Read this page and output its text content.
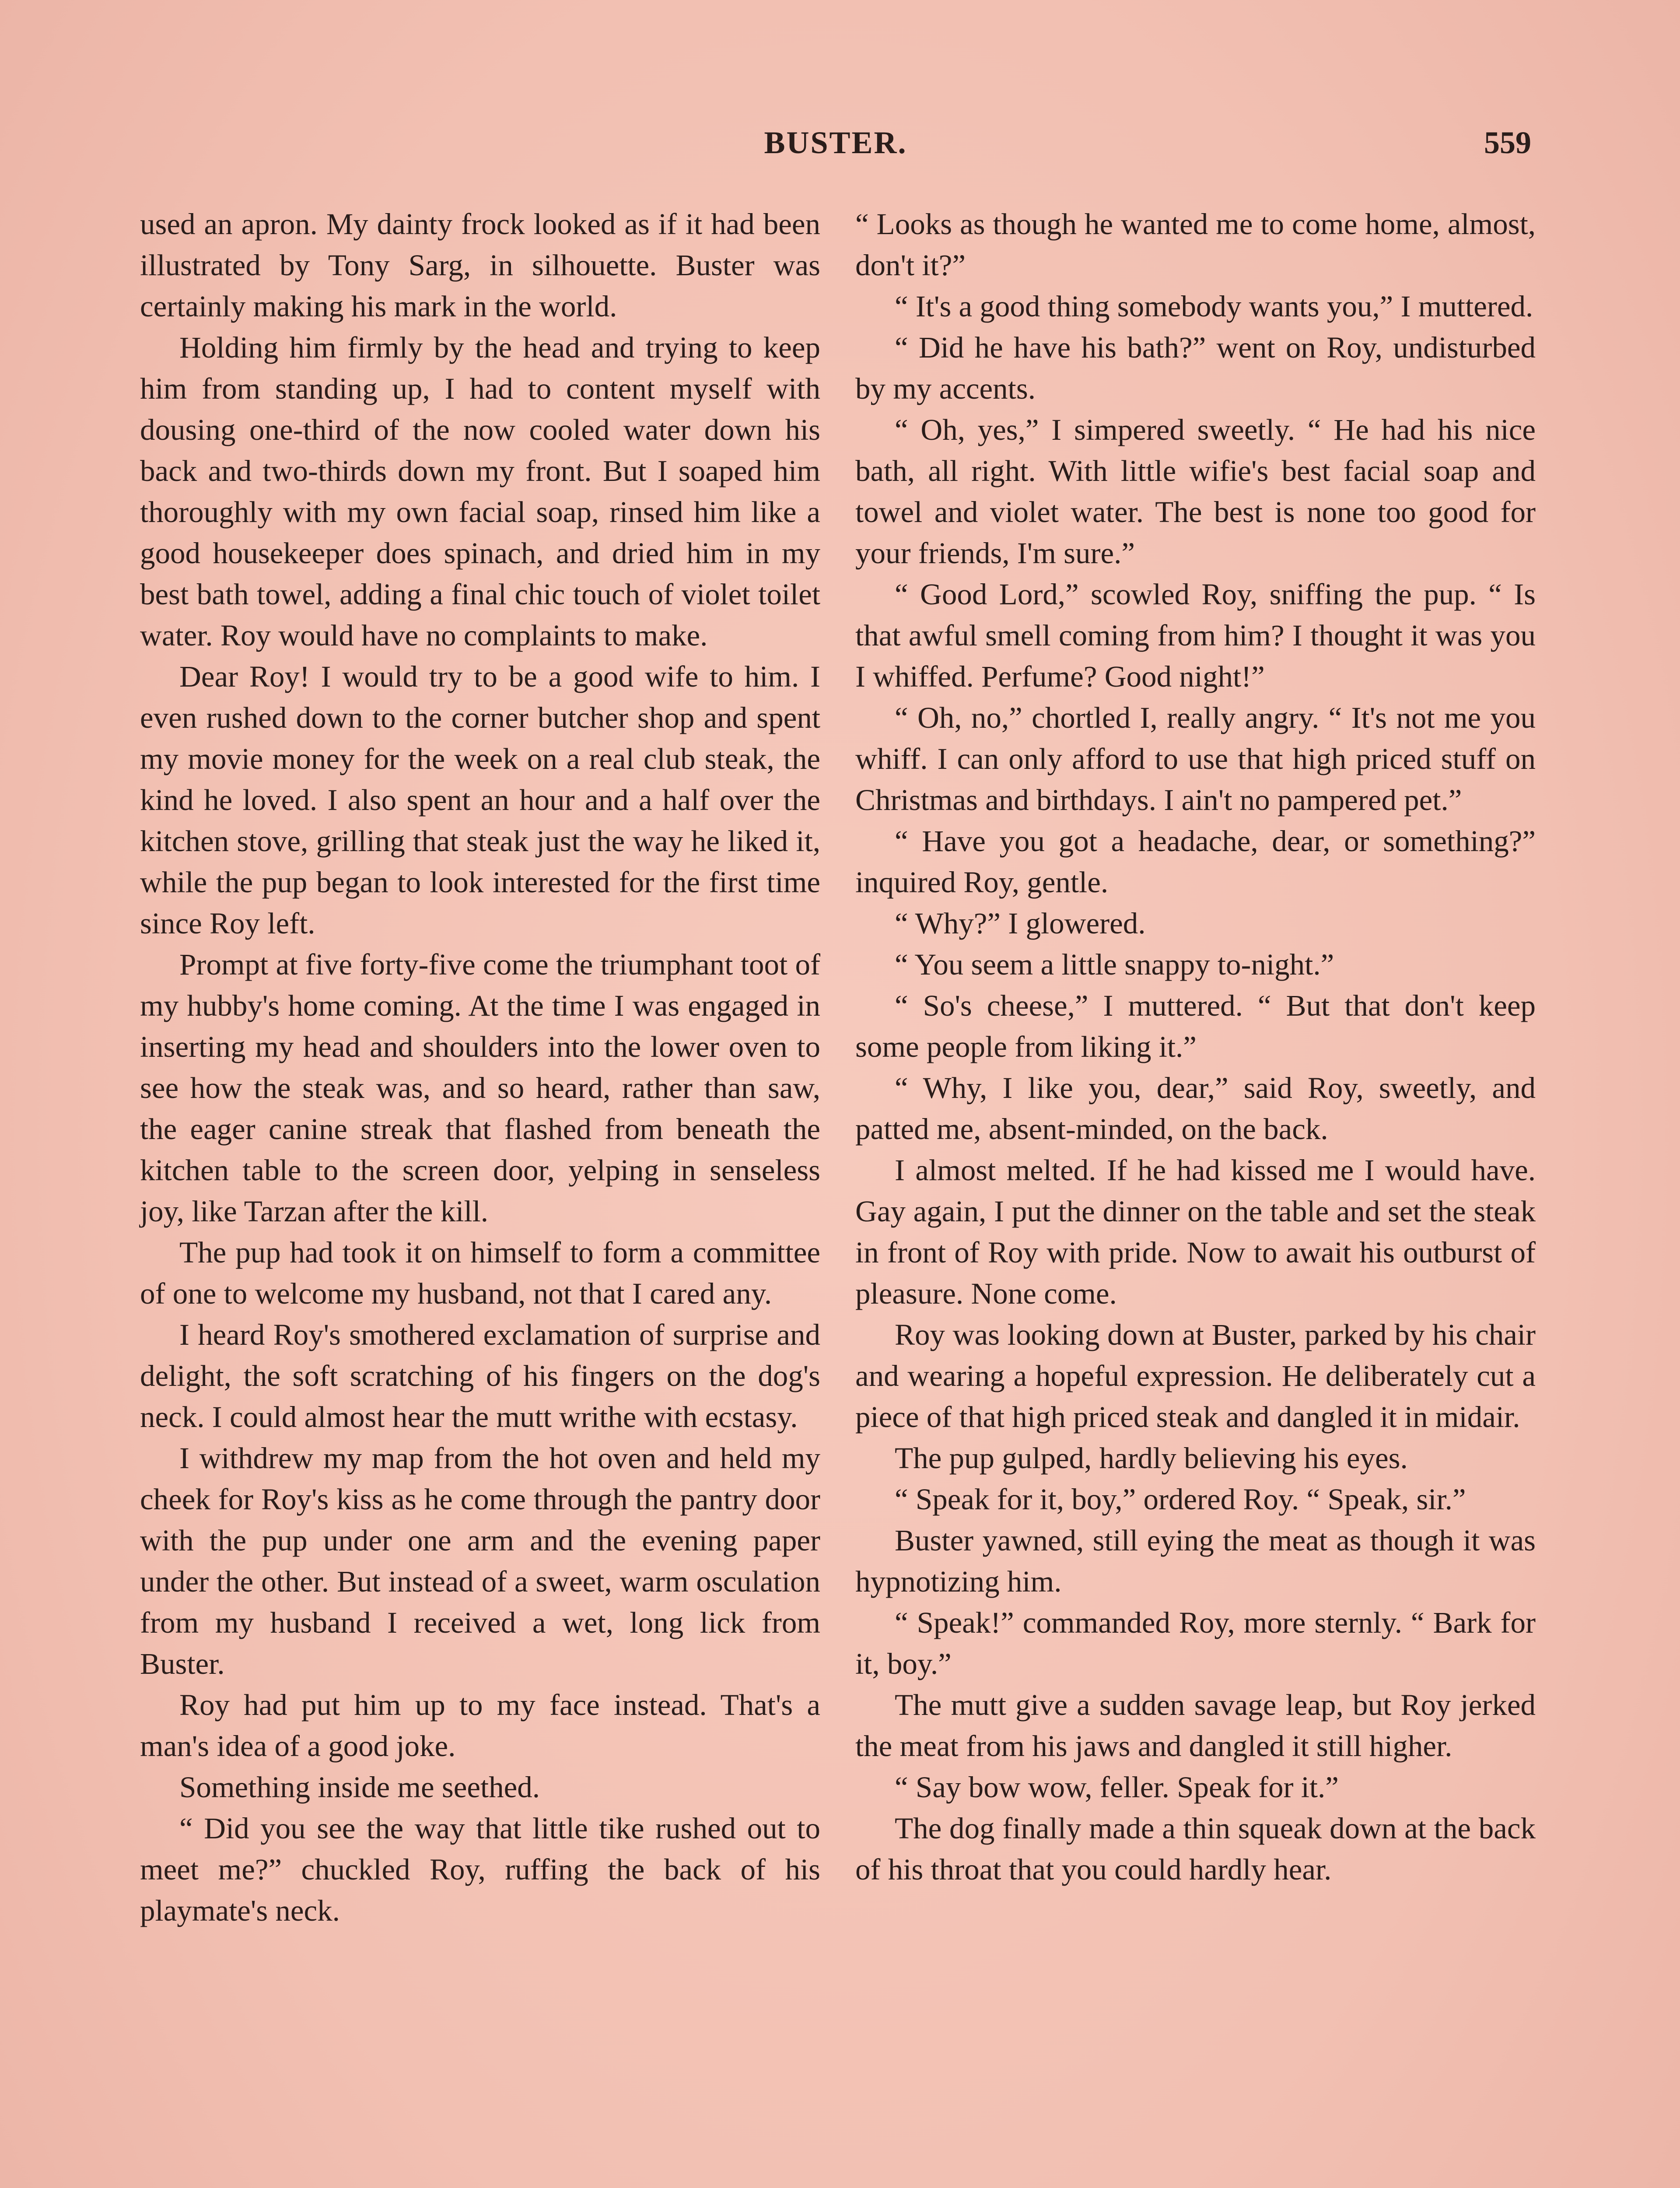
BUSTER.	559

used an apron. My dainty frock looked as if it had been illustrated by Tony Sarg, in silhouette. Buster was certainly making his mark in the world.

Holding him firmly by the head and trying to keep him from standing up, I had to content myself with dousing one-third of the now cooled water down his back and two-thirds down my front. But I soaped him thoroughly with my own facial soap, rinsed him like a good housekeeper does spinach, and dried him in my best bath towel, adding a final chic touch of violet toilet water. Roy would have no complaints to make.

Dear Roy! I would try to be a good wife to him. I even rushed down to the corner butcher shop and spent my movie money for the week on a real club steak, the kind he loved. I also spent an hour and a half over the kitchen stove, grilling that steak just the way he liked it, while the pup began to look interested for the first time since Roy left.

Prompt at five forty-five come the triumphant toot of my hubby's home coming. At the time I was engaged in inserting my head and shoulders into the lower oven to see how the steak was, and so heard, rather than saw, the eager canine streak that flashed from beneath the kitchen table to the screen door, yelping in senseless joy, like Tarzan after the kill.

The pup had took it on himself to form a committee of one to welcome my husband, not that I cared any.

I heard Roy's smothered exclamation of surprise and delight, the soft scratching of his fingers on the dog's neck. I could almost hear the mutt writhe with ecstasy.

I withdrew my map from the hot oven and held my cheek for Roy's kiss as he come through the pantry door with the pup under one arm and the evening paper under the other. But instead of a sweet, warm osculation from my husband I received a wet, long lick from Buster.

Roy had put him up to my face instead. That's a man's idea of a good joke.

Something inside me seethed.

“ Did you see the way that little tike rushed out to meet me?” chuckled Roy, ruffing the back of his playmate's neck.

“ Looks as though he wanted me to come home, almost, don't it?”

“ It's a good thing somebody wants you,” I muttered.

“ Did he have his bath?” went on Roy, undisturbed by my accents.

“ Oh, yes,” I simpered sweetly. “ He had his nice bath, all right. With little wifie's best facial soap and towel and violet water. The best is none too good for your friends, I'm sure.”

“ Good Lord,” scowled Roy, sniffing the pup. “ Is that awful smell coming from him? I thought it was you I whiffed. Perfume? Good night!”

“ Oh, no,” chortled I, really angry. “ It's not me you whiff. I can only afford to use that high priced stuff on Christmas and birthdays. I ain't no pampered pet.”

“ Have you got a headache, dear, or something?” inquired Roy, gentle.

“ Why?” I glowered.

“ You seem a little snappy to-night.”

“ So's cheese,” I muttered. “ But that don't keep some people from liking it.”

“ Why, I like you, dear,” said Roy, sweetly, and patted me, absent-minded, on the back.

I almost melted. If he had kissed me I would have. Gay again, I put the dinner on the table and set the steak in front of Roy with pride. Now to await his outburst of pleasure. None come.

Roy was looking down at Buster, parked by his chair and wearing a hopeful expression. He deliberately cut a piece of that high priced steak and dangled it in midair.

The pup gulped, hardly believing his eyes.

“ Speak for it, boy,” ordered Roy. “ Speak, sir.”

Buster yawned, still eying the meat as though it was hypnotizing him.

“ Speak!” commanded Roy, more sternly. “ Bark for it, boy.”

The mutt give a sudden savage leap, but Roy jerked the meat from his jaws and dangled it still higher.

“ Say bow wow, feller. Speak for it.”

The dog finally made a thin squeak down at the back of his throat that you could hardly hear.
